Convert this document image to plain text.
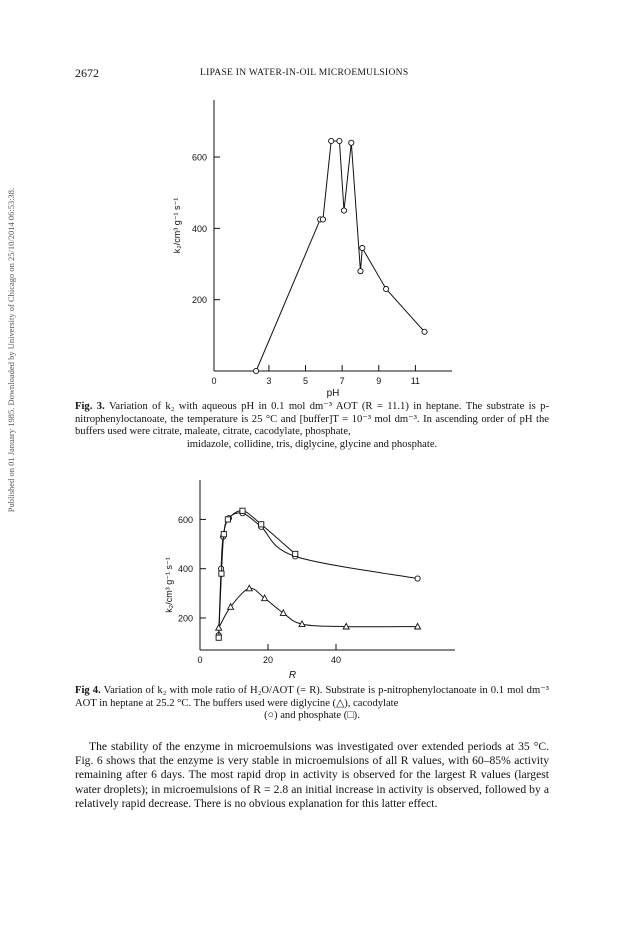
Published on 01 January 1985. Downloaded by University of Chicago on 25/10/2014 06:53:38.
2672	LIPASE IN WATER-IN-OIL MICROEMULSIONS
200
400
600
0	3	5	7	9	11
pH
k₂/cm³ g⁻¹ s⁻¹
200
400
600
0	20	40
R
k₂/cm³ g⁻¹ s⁻¹
Fig. 3. Variation of k₂ with aqueous pH in 0.1 mol dm⁻³ AOT (R = 11.1) in heptane. The substrate is p-nitrophenyloctanoate, the temperature is 25 °C and [buffer]T = 10⁻³ mol dm⁻³. In ascending order of pH the buffers used were citrate, maleate, citrate, cacodylate, phosphate,
imidazole, collidine, tris, diglycine, glycine and phosphate.
Fig 4. Variation of k₂ with mole ratio of H₂O/AOT (= R). Substrate is p-nitrophenyloctanoate in 0.1 mol dm⁻³ AOT in heptane at 25.2 °C. The buffers used were diglycine (△), cacodylate
(○) and phosphate (□).
The stability of the enzyme in microemulsions was investigated over extended periods at 35 °C. Fig. 6 shows that the enzyme is very stable in microemulsions of all R values, with 60–85% activity remaining after 6 days. The most rapid drop in activity is observed for the largest R values (largest water droplets); in microemulsions of R = 2.8 an initial increase in activity is observed, followed by a relatively rapid decrease. There is no obvious explanation for this latter effect.
